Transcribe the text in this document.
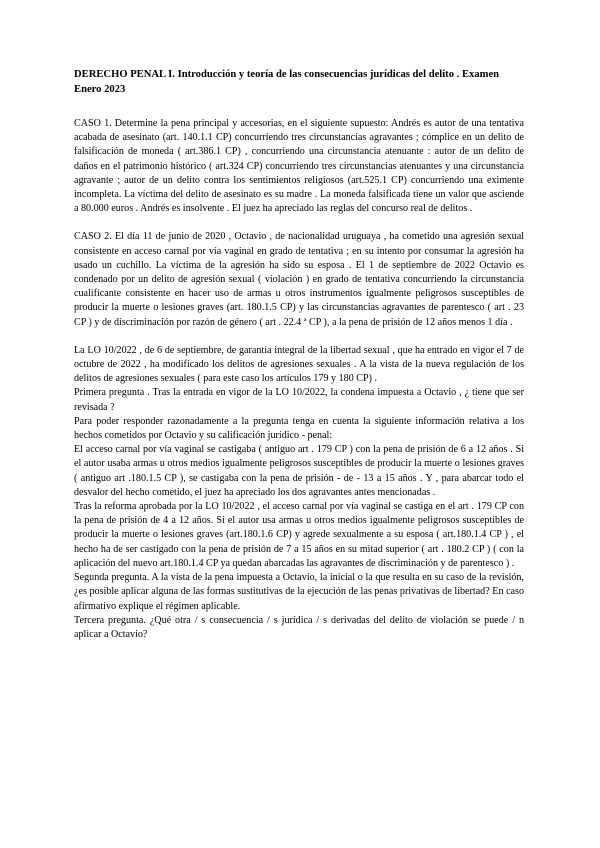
DERECHO PENAL I. Introducción y teoría de las consecuencias jurídicas del delito . Examen Enero 2023

CASO 1. Determine la pena principal y accesorias, en el siguiente supuesto: Andrés es autor de una tentativa acabada de asesinato (art. 140.1.1 CP) concurriendo tres circunstancias agravantes ; cómplice en un delito de falsificación de moneda ( art.386.1 CP) , concurriendo una circunstancia atenuante : autor de un delito de daños en el patrimonio histórico ( art.324 CP) concurriendo tres circunstancias atenuantes y una circunstancia agravante ; autor de un delito contra los sentimientos religiosos (art.525.1 CP) concurriendo una eximente incompleta. La víctima del delito de asesinato es su madre . La moneda falsificada tiene un valor que asciende a 80.000 euros . Andrés es insolvente . El juez ha apreciado las reglas del concurso real de delitos .

CASO 2. El día 11 de junio de 2020 , Octavio , de nacionalidad uruguaya , ha cometido una agresión sexual consistente en acceso carnal por vía vaginal en grado de tentativa ; en su intento por consumar la agresión ha usado un cuchillo. La víctima de la agresión ha sido su esposa . El 1 de septiembre de 2022 Octavio es condenado por un delito de agresión sexual ( violación ) en grado de tentativa concurriendo la circunstancia cualificante consistente en hacer uso de armas u otros instrumentos igualmente peligrosos susceptibles de producir la muerte o lesiones graves (art. 180.1.5 CP) y las circunstancias agravantes de parentesco ( art . 23 CP ) y de discriminación por razón de género ( art . 22.4 ª CP ), a la pena de prisión de 12 años menos 1 día .

La LO 10/2022 , de 6 de septiembre, de garantía integral de la libertad sexual , que ha entrado en vigor el 7 de octubre de 2022 , ha modificado los delitos de agresiones sexuales . A la vista de la nueva regulación de los delitos de agresiones sexuales ( para este caso los artículos 179 y 180 CP) .

Primera pregunta . Tras la entrada en vigor de la LO 10/2022, la condena impuesta a Octavio , ¿ tiene que ser revisada ?

Para poder responder razonadamente a la pregunta tenga en cuenta la siguiente información relativa a los hechos cometidos por Octavio y su calificación jurídico - penal:

El acceso carnal por vía vaginal se castigaba ( antiguo art . 179 CP ) con la pena de prisión de 6 a 12 años . Si el autor usaba armas u otros medios igualmente peligrosos susceptibles de producir la muerte o lesiones graves ( antiguo art .180.1.5 CP ), se castigaba con la pena de prisión - de - 13 a 15 años . Y , para abarcar todo el desvalor del hecho cometido, el juez ha apreciado los dos agravantes antes mencionadas .

Tras la reforma aprobada por la LO 10/2022 , el acceso carnal por vía vaginal se castiga en el art . 179 CP con la pena de prisión de 4 a 12 años. Si el autor usa armas u otros medios igualmente peligrosos susceptibles de producir la muerte o lesiones graves (art.180.1.6 CP) y agrede sexualmente a su esposa ( art.180.1.4 CP ) , el hecho ha de ser castigado con la pena de prisión de 7 a 15 años en su mitad superior ( art . 180.2 CP ) ( con la aplicación del nuevo art.180.1.4 CP ya quedan abarcadas las agravantes de discriminación y de parentesco ) .

Segunda pregunta. A la vista de la pena impuesta a Octavio, la inicial o la que resulta en su caso de la revisión, ¿es posible aplicar alguna de las formas sustitutivas de la ejecución de las penas privativas de libertad? En caso afirmativo explique el régimen aplicable.

Tercera pregunta. ¿Qué otra / s consecuencia / s jurídica / s derivadas del delito de violación se puede / n aplicar a Octavio?
